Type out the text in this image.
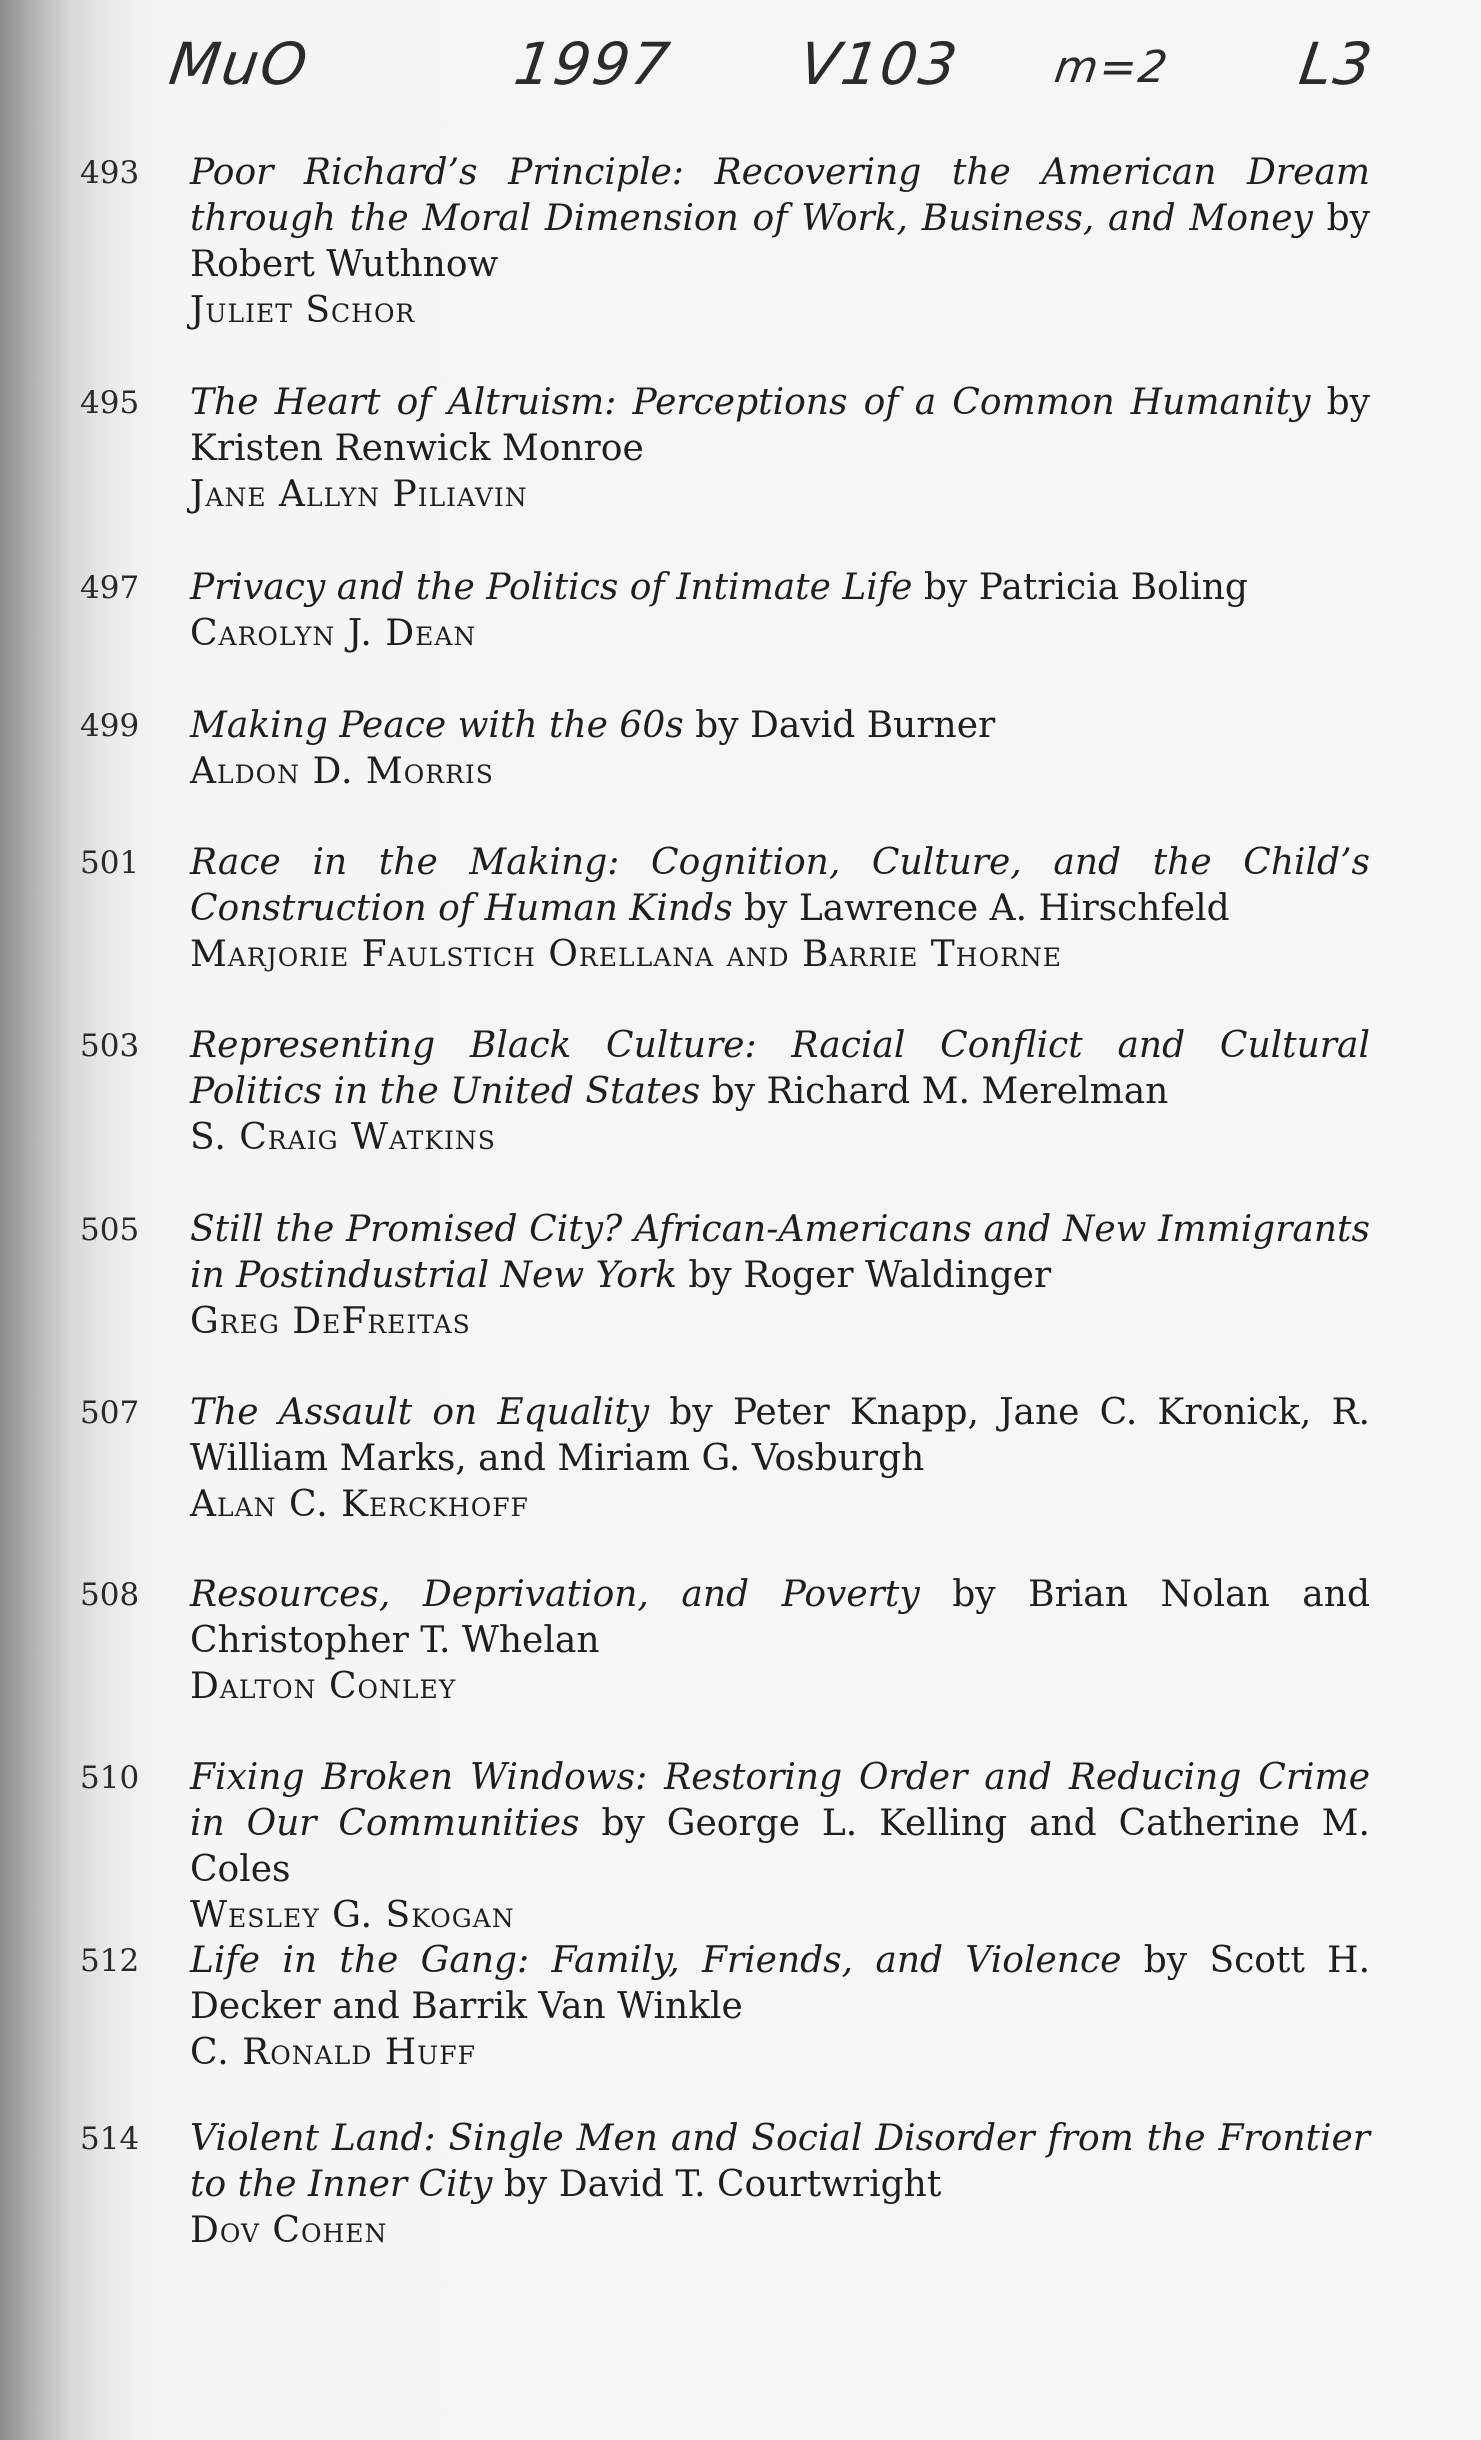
MuO	1997 V103 m=2 L3
493 Poor Richard’s Principle: Recovering the American Dream through the Moral Dimension of Work, Business, and Money by Robert Wuthnow

Juliet Schor

495 The Heart of Altruism: Perceptions of a Common Humanity by Kristen Renwick Monroe

Jane Allyn Piliavin

497 Privacy and the Politics of Intimate Life by Patricia Boling

Carolyn J. Dean

499 Making Peace with the 60s by David Burner

Aldon D. Morris

501 Race in the Making: Cognition, Culture, and the Child’s Construction of Human Kinds by Lawrence A. Hirschfeld

Marjorie Faulstich Orellana and Barrie Thorne

503 Representing Black Culture: Racial Conflict and Cultural Politics in the United States by Richard M. Merelman

S. Craig Watkins

505 Still the Promised City? African-Americans and New Immigrants in Postindustrial New York by Roger Waldinger

Greg DeFreitas

507 The Assault on Equality by Peter Knapp, Jane C. Kronick, R. William Marks, and Miriam G. Vosburgh

Alan C. Kerckhoff

508 Resources, Deprivation, and Poverty by Brian Nolan and Christopher T. Whelan

Dalton Conley

510 Fixing Broken Windows: Restoring Order and Reducing Crime in Our Communities by George L. Kelling and Catherine M. Coles

Wesley G. Skogan

512 Life in the Gang: Family, Friends, and Violence by Scott H. Decker and Barrik Van Winkle

C. Ronald Huff

514 Violent Land: Single Men and Social Disorder from the Frontier to the Inner City by David T. Courtwright

Dov Cohen
